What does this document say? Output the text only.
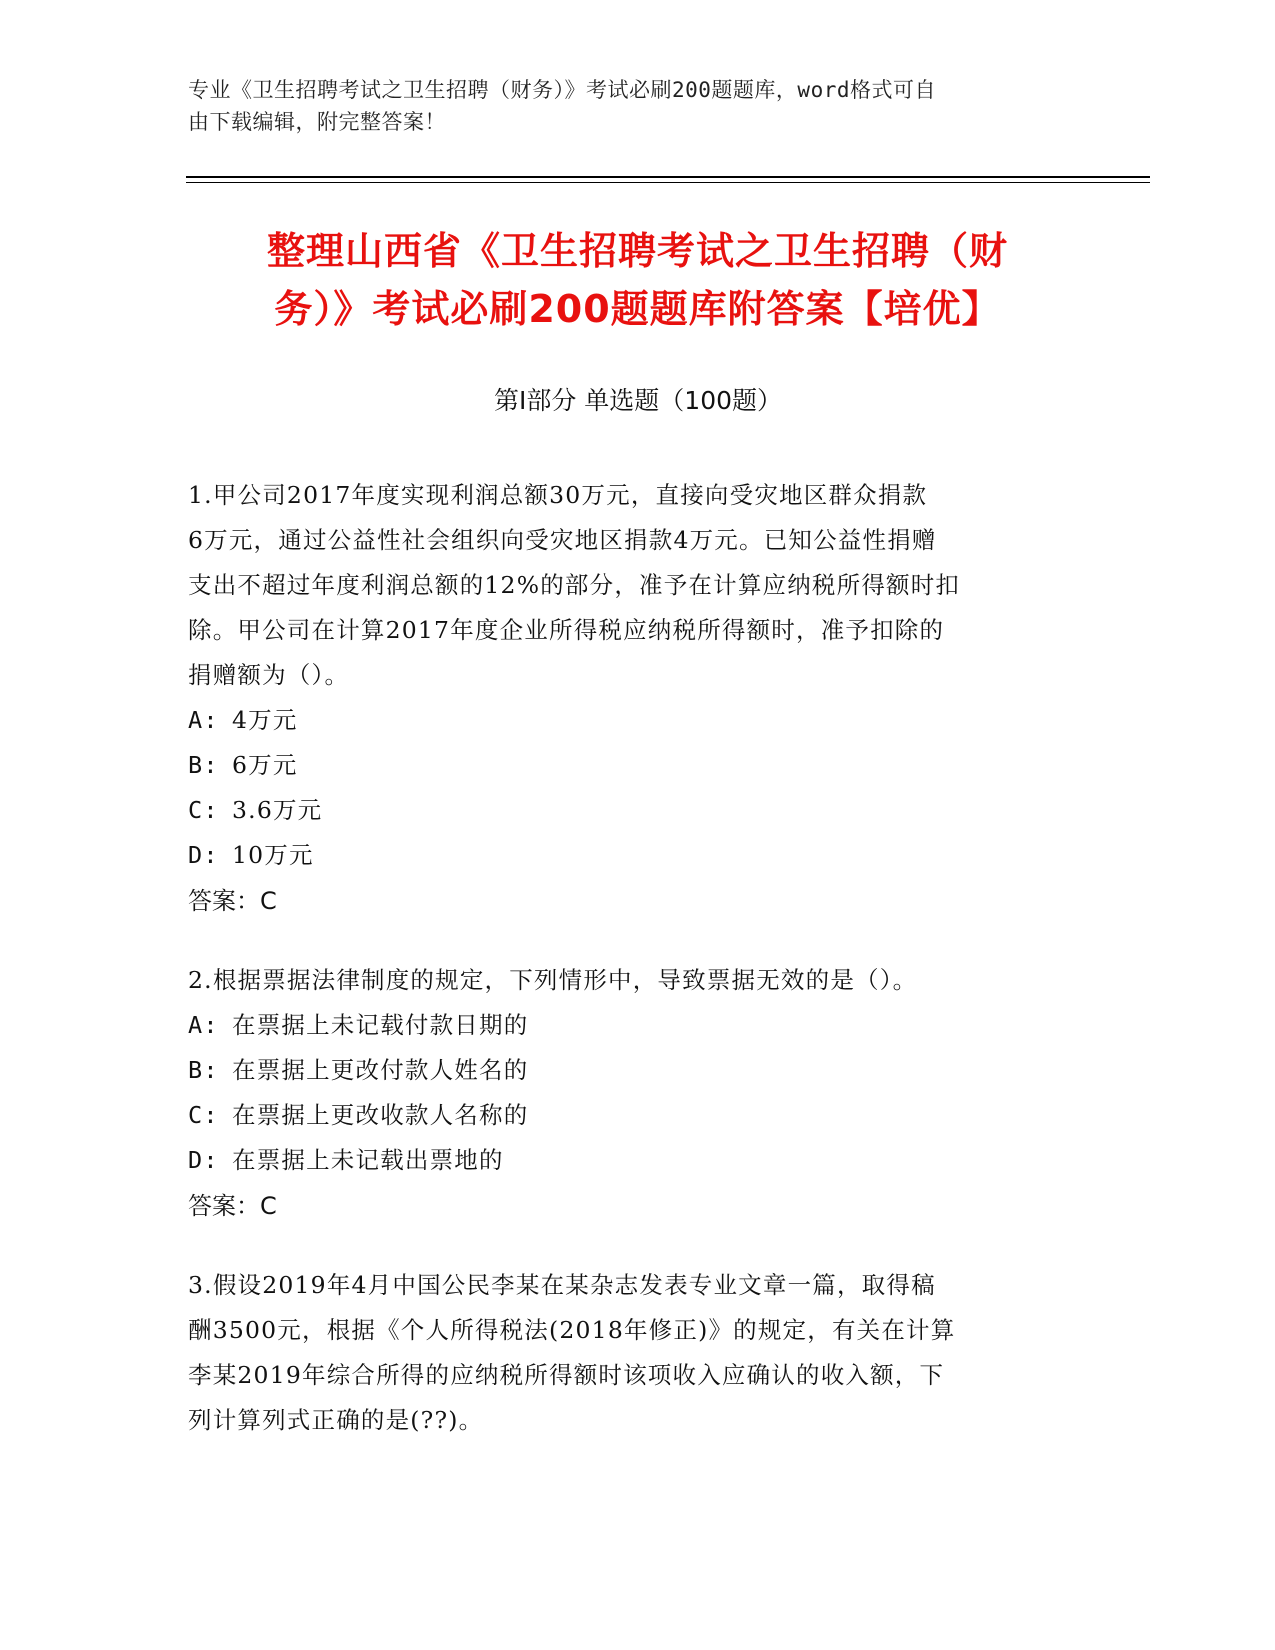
专业《卫生招聘考试之卫生招聘（财务）》考试必刷200题题库，word格式可自
由下载编辑，附完整答案！
整理山西省《卫生招聘考试之卫生招聘（财
务）》考试必刷200题题库附答案【培优】
第Ⅰ部分 单选题（100题）

1.甲公司2017年度实现利润总额30万元，直接向受灾地区群众捐款

6万元，通过公益性社会组织向受灾地区捐款4万元。已知公益性捐赠

支出不超过年度利润总额的12%的部分，准予在计算应纳税所得额时扣

除。甲公司在计算2017年度企业所得税应纳税所得额时，准予扣除的

捐赠额为（）。

A: 4万元

B: 6万元

C: 3.6万元

D: 10万元

答案：C

2.根据票据法律制度的规定，下列情形中，导致票据无效的是（）。

A: 在票据上未记载付款日期的

B: 在票据上更改付款人姓名的

C: 在票据上更改收款人名称的

D: 在票据上未记载出票地的

答案：C

3.假设2019年4月中国公民李某在某杂志发表专业文章一篇，取得稿

酬3500元，根据《个人所得税法(2018年修正)》的规定，有关在计算

李某2019年综合所得的应纳税所得额时该项收入应确认的收入额，下

列计算列式正确的是(??)。
